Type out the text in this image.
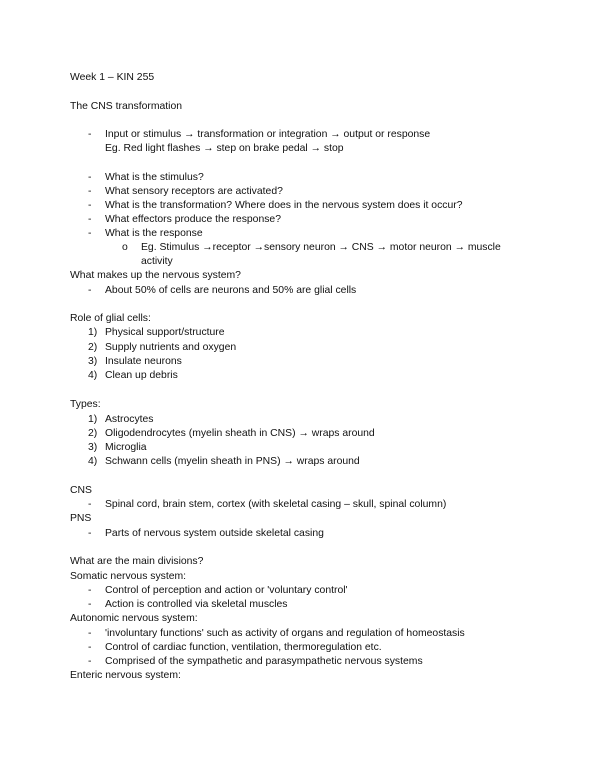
Week 1 – KIN 255
The CNS transformation
- Input or stimulus → transformation or integration → output or response
Eg. Red light flashes → step on brake pedal → stop
- What is the stimulus?
- What sensory receptors are activated?
- What is the transformation? Where does in the nervous system does it occur?
- What effectors produce the response?
- What is the response
o Eg. Stimulus →receptor →sensory neuron → CNS → motor neuron → muscle
activity
What makes up the nervous system?
- About 50% of cells are neurons and 50% are glial cells
Role of glial cells:
1) Physical support/structure
2) Supply nutrients and oxygen
3) Insulate neurons
4) Clean up debris
Types:
1) Astrocytes
2) Oligodendrocytes (myelin sheath in CNS) → wraps around
3) Microglia
4) Schwann cells (myelin sheath in PNS) → wraps around
CNS
- Spinal cord, brain stem, cortex (with skeletal casing – skull, spinal column)
PNS
- Parts of nervous system outside skeletal casing
What are the main divisions?
Somatic nervous system:
- Control of perception and action or 'voluntary control'
- Action is controlled via skeletal muscles
Autonomic nervous system:
- 'involuntary functions' such as activity of organs and regulation of homeostasis
- Control of cardiac function, ventilation, thermoregulation etc.
- Comprised of the sympathetic and parasympathetic nervous systems
Enteric nervous system:
